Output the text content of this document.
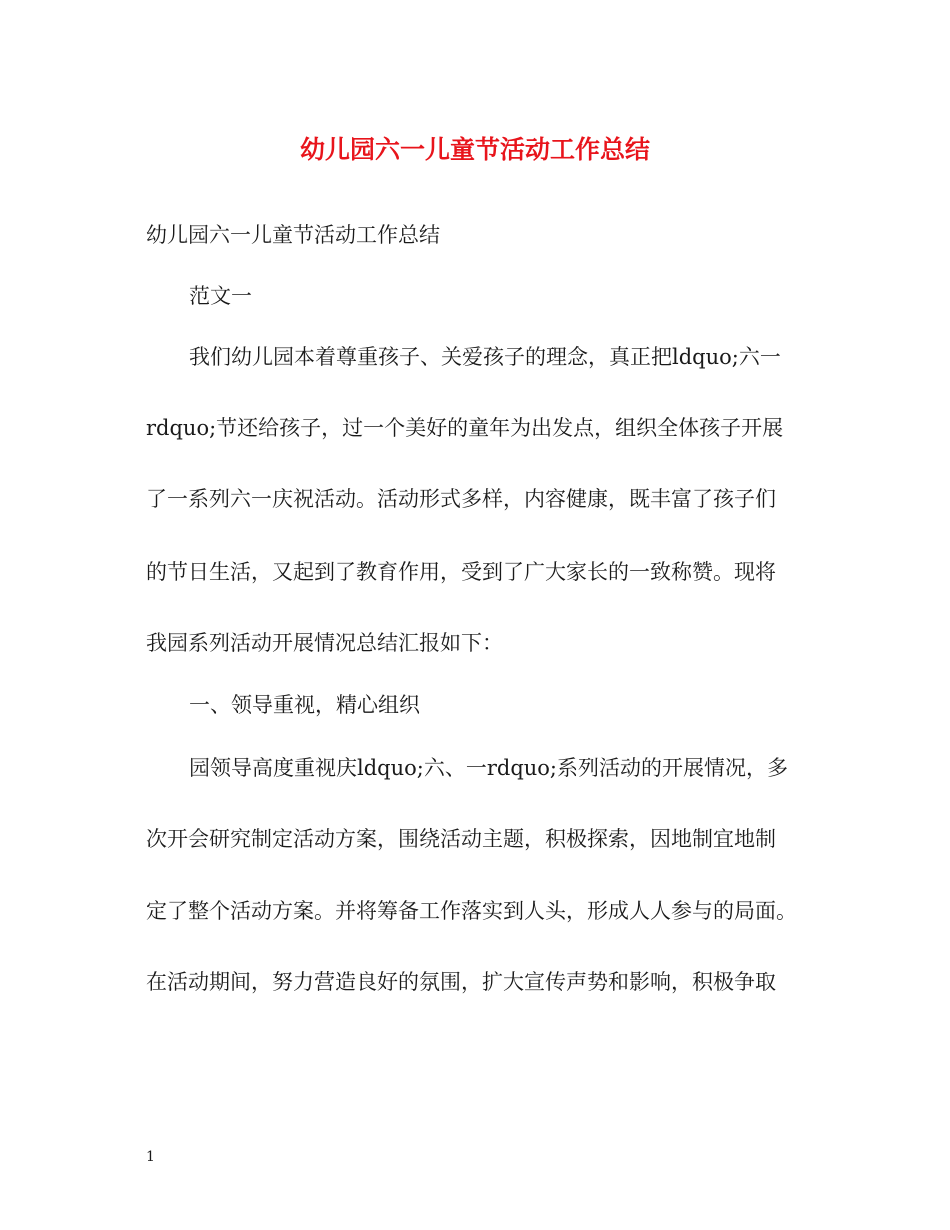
幼儿园六一儿童节活动工作总结

幼儿园六一儿童节活动工作总结

范文一

我们幼儿园本着尊重孩子、关爱孩子的理念，真正把ldquo;六一

rdquo;节还给孩子，过一个美好的童年为出发点，组织全体孩子开展

了一系列六一庆祝活动。活动形式多样，内容健康，既丰富了孩子们

的节日生活，又起到了教育作用，受到了广大家长的一致称赞。现将

我园系列活动开展情况总结汇报如下：

一、领导重视，精心组织

园领导高度重视庆ldquo;六、一rdquo;系列活动的开展情况，多

次开会研究制定活动方案，围绕活动主题，积极探索，因地制宜地制

定了整个活动方案。并将筹备工作落实到人头，形成人人参与的局面。

在活动期间，努力营造良好的氛围，扩大宣传声势和影响，积极争取

1
